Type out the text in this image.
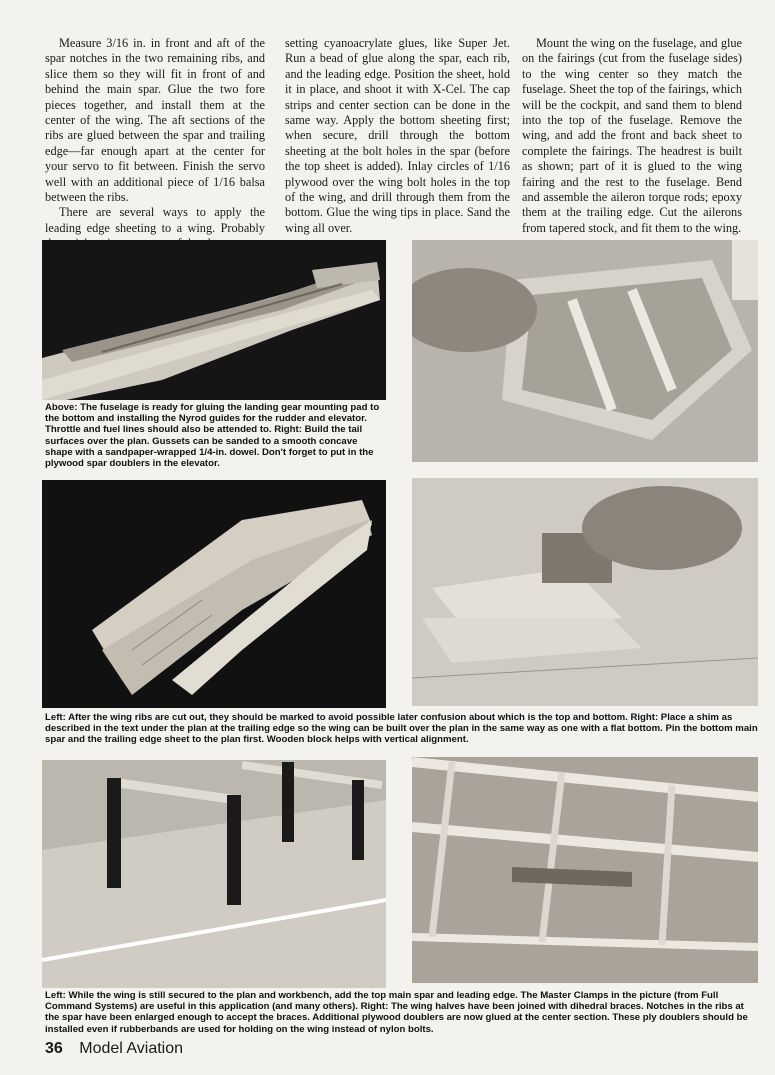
Measure 3/16 in. in front and aft of the spar notches in the two remaining ribs, and slice them so they will fit in front of and behind the main spar. Glue the two fore pieces together, and install them at the center of the wing. The aft sections of the ribs are glued between the spar and trailing edge—far enough apart at the center for your servo to fit between. Finish the servo well with an additional piece of 1/16 balsa between the ribs.

There are several ways to apply the leading edge sheeting to a wing. Probably

setting cyanoacrylate glues, like Super Jet. Run a bead of glue along the spar, each rib, and the leading edge. Position the sheet, hold it in place, and shoot it with X-Cel. The cap strips and center section can be done in the same way. Apply the bottom sheeting first; when secure, drill through the bottom sheeting at the bolt holes in the spar (before the top sheet is added). Inlay circles of 1/16 plywood over the wing bolt holes in the top of the wing, and drill through them from the bottom. Glue the wing tips in place. Sand the wing all over.

Mount the wing on the fuselage, and glue on the fairings (cut from the fuselage sides) to the wing center so they match the fuselage. Sheet the top of the fairings, which will be the cockpit, and sand them to blend into the top of the fuselage. Remove the wing, and add the front and back sheet to complete the fairings. The headrest is built as shown; part of it is glued to the wing fairing and the rest to the fuselage. Bend and assemble the aileron torque rods; epoxy them at the trailing edge. Cut the ailerons from tapered stock, and fit them to the wing.

Above: The fuselage is ready for gluing the landing gear mounting pad to the bottom and installing the Nyrod guides for the rudder and elevator. Throttle and fuel lines should also be attended to. Right: Build the tail surfaces over the plan. Gussets can be sanded to a smooth concave shape with a sandpaper-wrapped 1/4-in. dowel. Don't forget to put in the plywood spar doublers in the elevator.
Left: After the wing ribs are cut out, they should be marked to avoid possible later confusion about which is the top and bottom. Right: Place a shim as described in the text under the plan at the trailing edge so the wing can be built over the plan in the same way as one with a flat bottom. Pin the bottom main spar and the trailing edge sheet to the plan first. Wooden block helps with vertical alignment.
Left: While the wing is still secured to the plan and workbench, add the top main spar and leading edge. The Master Clamps in the picture (from Full Command Systems) are useful in this application (and many others). Right: The wing halves have been joined with dihedral braces. Notches in the ribs at the spar have been enlarged enough to accept the braces. Additional plywood doublers are now glued at the center section. These ply doublers should be installed even if rubberbands are used for holding on the wing instead of nylon bolts.
36 Model Aviation
